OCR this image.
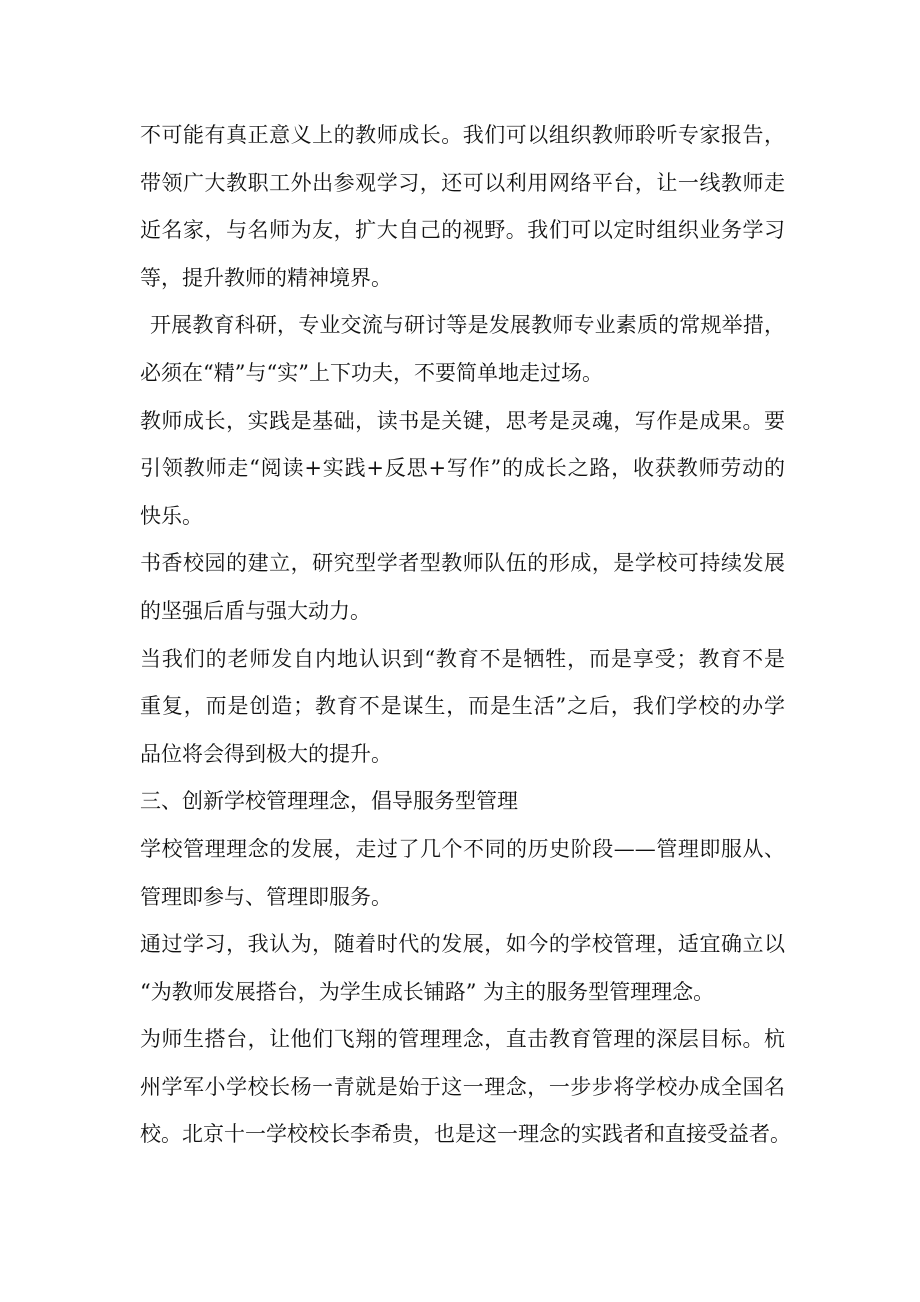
不可能有真正意义上的教师成长。我们可以组织教师聆听专家报告，
带领广大教职工外出参观学习，还可以利用网络平台，让一线教师走
近名家，与名师为友，扩大自己的视野。我们可以定时组织业务学习
等，提升教师的精神境界。
开展教育科研，专业交流与研讨等是发展教师专业素质的常规举措，
必须在“精”与“实”上下功夫，不要简单地走过场。
教师成长，实践是基础，读书是关键，思考是灵魂，写作是成果。要
引领教师走“阅读+实践+反思+写作”的成长之路，收获教师劳动的
快乐。
书香校园的建立，研究型学者型教师队伍的形成，是学校可持续发展
的坚强后盾与强大动力。
当我们的老师发自内地认识到“教育不是牺牲，而是享受；教育不是
重复，而是创造；教育不是谋生，而是生活”之后，我们学校的办学
品位将会得到极大的提升。
三、创新学校管理理念，倡导服务型管理
学校管理理念的发展，走过了几个不同的历史阶段——管理即服从、
管理即参与、管理即服务。
通过学习，我认为，随着时代的发展，如今的学校管理，适宜确立以
“为教师发展搭台，为学生成长铺路” 为主的服务型管理理念。
为师生搭台，让他们飞翔的管理理念，直击教育管理的深层目标。杭
州学军小学校长杨一青就是始于这一理念，一步步将学校办成全国名
校。北京十一学校校长李希贵，也是这一理念的实践者和直接受益者。
